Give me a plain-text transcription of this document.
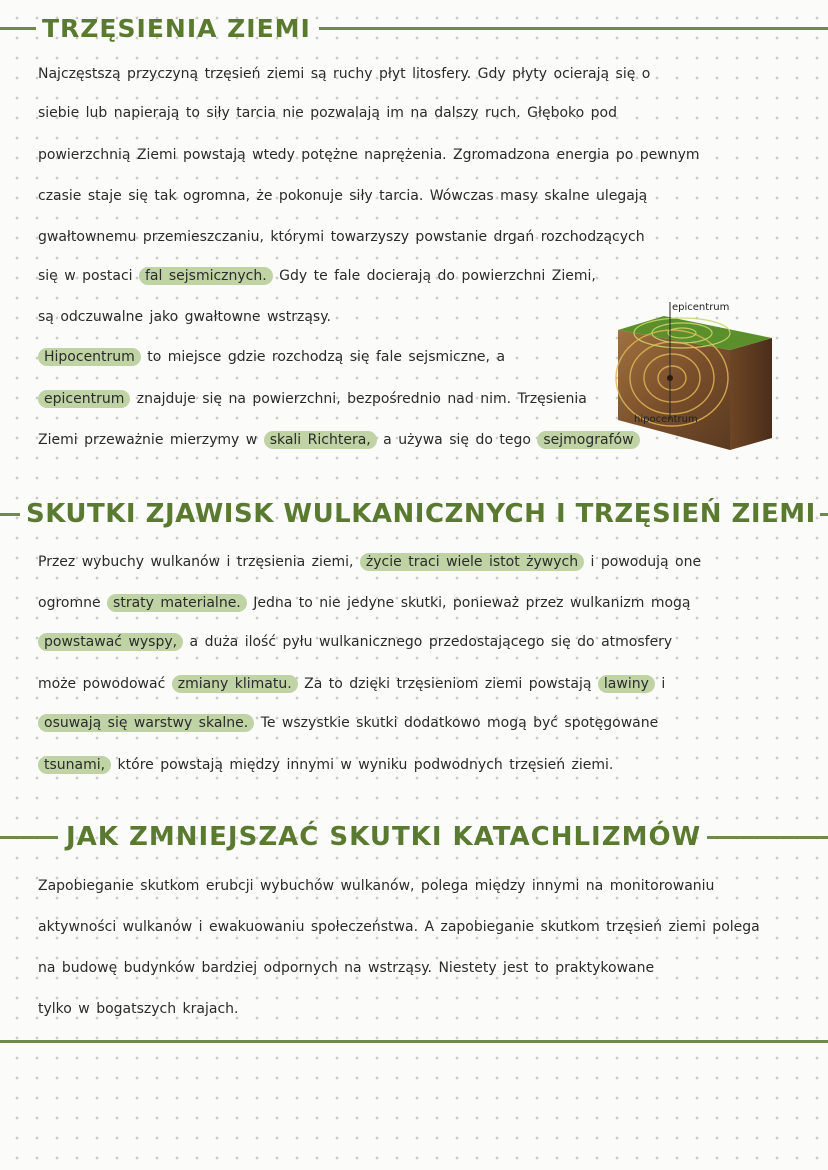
TRZĘSIENIA ZIEMI
Najczęstszą przyczyną trzęsień ziemi są ruchy płyt litosfery. Gdy płyty ocierają się o
siebie lub napierają to siły tarcia nie pozwalają im na dalszy ruch. Głęboko pod
powierzchnią Ziemi powstają wtedy potężne naprężenia. Zgromadzona energia po pewnym
czasie staje się tak ogromna, że pokonuje siły tarcia. Wówczas masy skalne ulegają
gwałtownemu przemieszczaniu, którymi towarzyszy powstanie drgań rozchodzących
się w postaci fal sejsmicznych. Gdy te fale docierają do powierzchni Ziemi,
są odczuwalne jako gwałtowne wstrząsy.
Hipocentrum to miejsce gdzie rozchodzą się fale sejsmiczne, a
epicentrum znajduje się na powierzchni, bezpośrednio nad nim. Trzęsienia
Ziemi przeważnie mierzymy w skali Richtera, a używa się do tego sejmografów
epicentrum
hipocentrum
SKUTKI ZJAWISK WULKANICZNYCH I TRZĘSIEŃ ZIEMI
Przez wybuchy wulkanów i trzęsienia ziemi, życie traci wiele istot żywych i powodują one
ogromne straty materialne. Jedna to nie jedyne skutki, ponieważ przez wulkanizm mogą
powstawać wyspy, a duża ilość pyłu wulkanicznego przedostającego się do atmosfery
może powodować zmiany klimatu. Za to dzięki trzęsieniom ziemi powstają lawiny i
osuwają się warstwy skalne. Te wszystkie skutki dodatkowo mogą być spotęgowane
tsunami, które powstają między innymi w wyniku podwodnych trzęsień ziemi.
JAK ZMNIEJSZAĆ SKUTKI KATACHLIZMÓW
Zapobieganie skutkom erubcji wybuchów wulkanów, polega między innymi na monitorowaniu
aktywności wulkanów i ewakuowaniu społeczeństwa. A zapobieganie skutkom trzęsień ziemi polega
na budowę budynków bardziej odpornych na wstrząsy. Niestety jest to praktykowane
tylko w bogatszych krajach.
